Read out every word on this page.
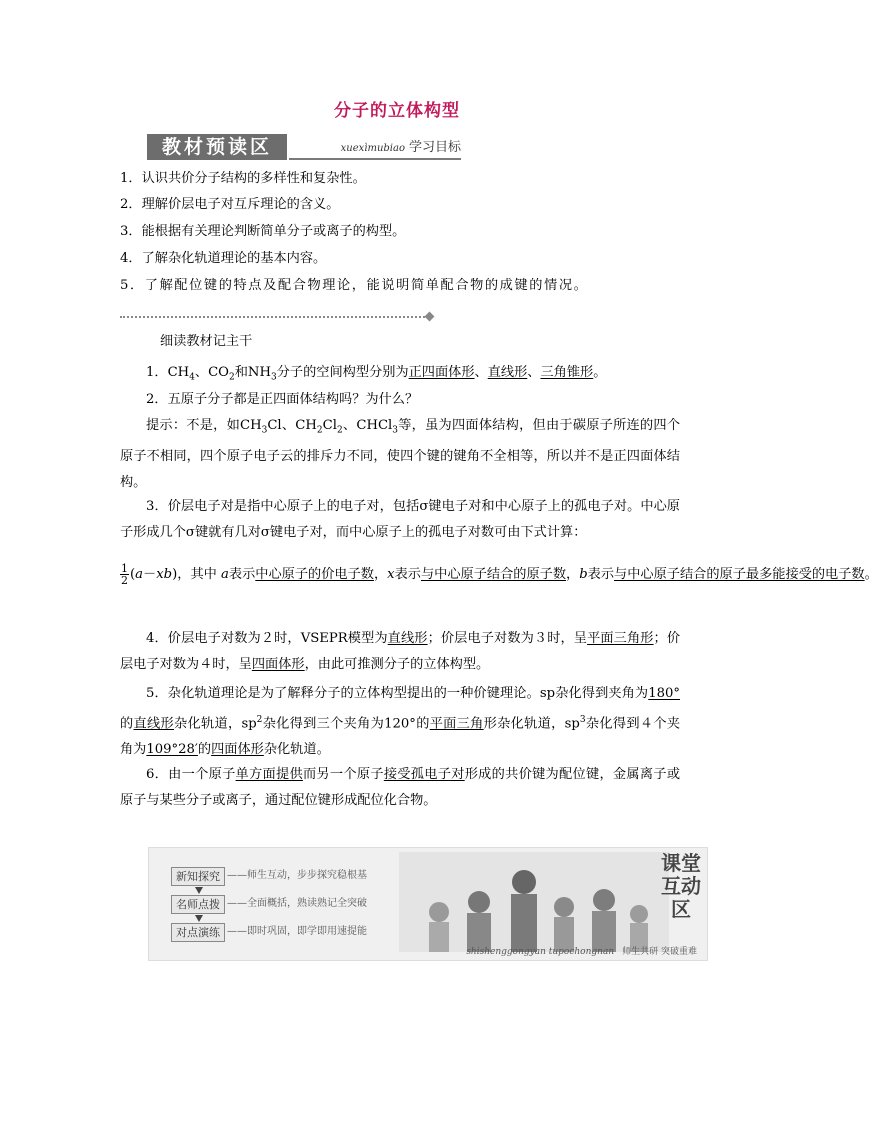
分子的立体构型
教材预读区	xuexìmubiao 学习目标
1．认识共价分子结构的多样性和复杂性。
2．理解价层电子对互斥理论的含义。
3．能根据有关理论判断简单分子或离子的构型。
4．了解杂化轨道理论的基本内容。
5．了解配位键的特点及配合物理论，能说明简单配合物的成键的情况。
细读教材记主干
1．$CH_4$、$CO_2$和$NH_3$分子的空间构型分别为正四面体形、直线形、三角锥形。
2．五原子分子都是正四面体结构吗？为什么？
提示：不是，如$CH_3Cl$、$CH_2Cl_2$、CHCl$_3$等，虽为四面体结构，但由于碳原子所连的四个原子不相同，四个原子电子云的排斥力不同，使四个键的键角不全相等，所以并不是正四面体结构。
3．价层电子对是指中心原子上的电子对，包括σ键电子对和中心原子上的孤电子对。中心原子形成几个σ键就有几对σ键电子对，而中心原子上的孤电子对数可由下式计算：
$\frac{1}{2} (a-xb)$，其中 a表示中心原子的价电子数，x表示与中心原子结合的原子数，b表示与中心原子结合的原子最多能接受的电子数。
4．价层电子对数为２时，VSEPR模型为直线形；价层电子对数为３时，呈平面三角形；价层电子对数为４时，呈四面体形，由此可推测分子的立体构型。
5．杂化轨道理论是为了解释分子的立体构型提出的一种价键理论。sp杂化得到夹角为180°的直线形杂化轨道，$sp^2$杂化得到三个夹角为120°的平面三角形杂化轨道，$sp^3$杂化得到４个夹角为109°28′的四面体形杂化轨道。
6．由一个原子单方面提供而另一个原子接受孤电子对形成的共价键为配位键，金属离子或原子与某些分子或离子，通过配位键形成配位化合物。
新知探究 ——师生互动，步步探究稳根基
名师点拨 ——全面概括，熟读熟记全突破
对点演练 ——即时巩固，即学即用速提能
课堂互动区
shishenggongyan tupochongnan 师生共研 突破重难
